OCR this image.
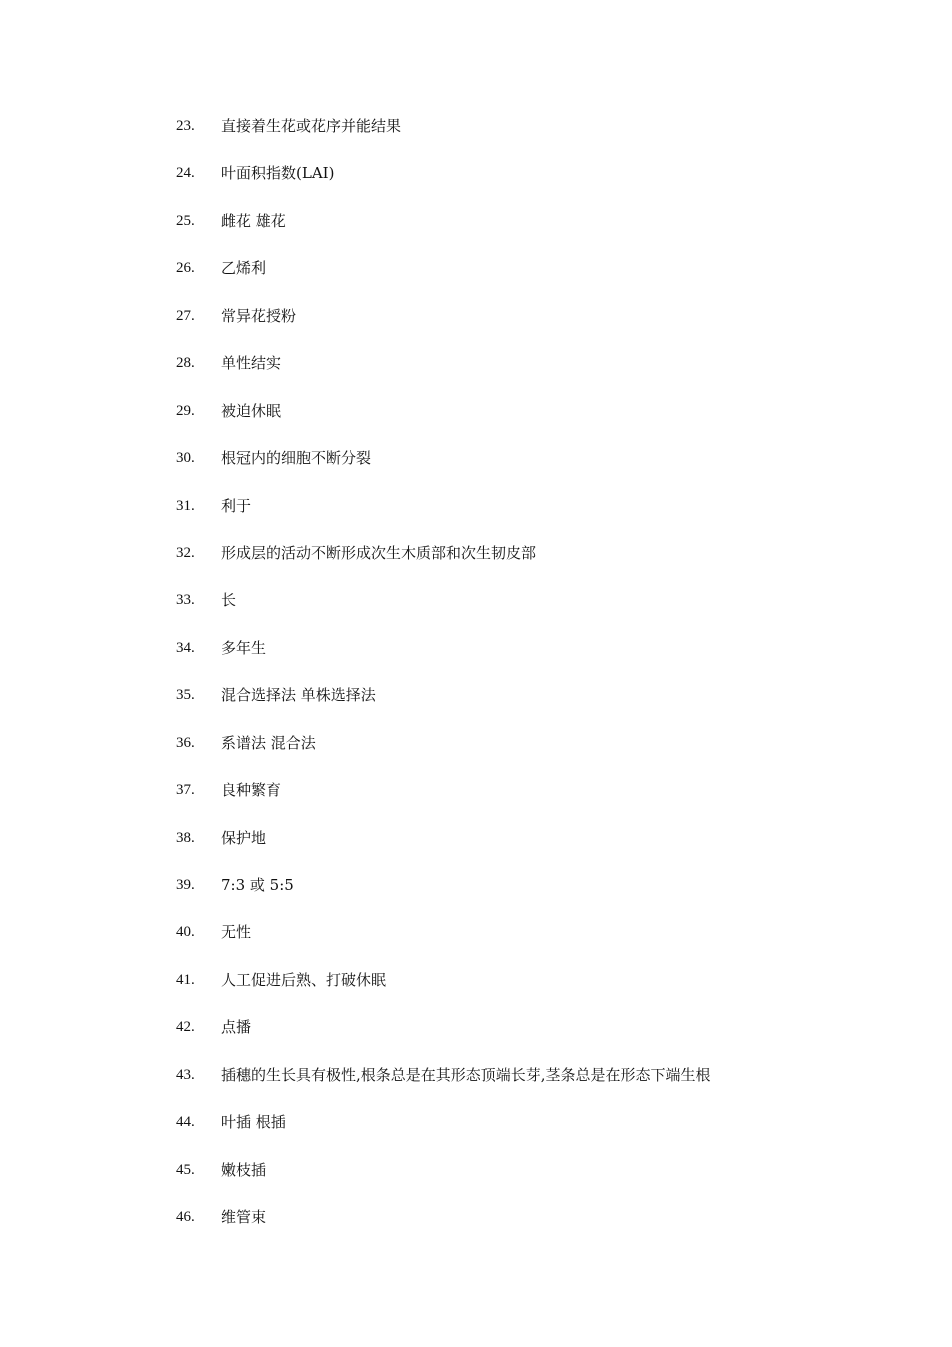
23.	直接着生花或花序并能结果
24.	叶面积指数(LAI)
25.	雌花 雄花
26.	乙烯利
27.	常异花授粉
28.	单性结实
29.	被迫休眠
30.	根冠内的细胞不断分裂
31.	利于
32.	形成层的活动不断形成次生木质部和次生韧皮部
33.	长
34.	多年生
35.	混合选择法 单株选择法
36.	系谱法 混合法
37.	良种繁育
38.	保护地
39.	7:3 或 5:5
40.	无性
41.	人工促进后熟、打破休眠
42.	点播
43.	插穗的生长具有极性,根条总是在其形态顶端长芽,茎条总是在形态下端生根
44.	叶插 根插
45.	嫩枝插
46.	维管束
